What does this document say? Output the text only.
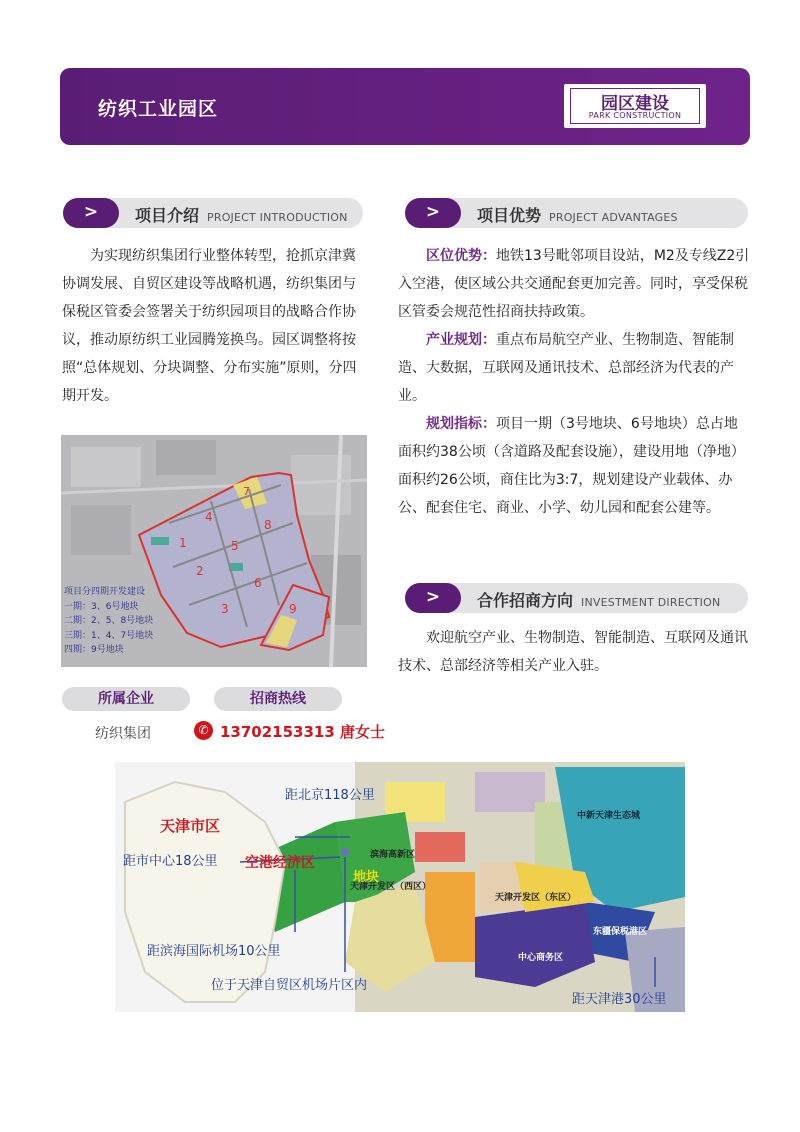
纺织工业园区	园区建设
PARK CONSTRUCTION
>	项目介绍 PROJECT INTRODUCTION
为实现纺织集团行业整体转型，抢抓京津冀协调发展、自贸区建设等战略机遇，纺织集团与保税区管委会签署关于纺织园项目的战略合作协议，推动原纺织工业园腾笼换鸟。园区调整将按照“总体规划、分块调整、分布实施”原则，分四期开发。
1
2
3
4
5
6
7
8
9
项目分四期开发建设
一期：3、6号地块
二期：2、5、8号地块
三期：1、4、7号地块
四期：9号地块
所属企业	招商热线
纺织集团	✆ 13702153313 唐女士
>	项目优势 PROJECT ADVANTAGES

区位优势：地铁13号毗邻项目设站，M2及专线Z2引入空港，使区域公共交通配套更加完善。同时，享受保税区管委会规范性招商扶持政策。

产业规划：重点布局航空产业、生物制造、智能制造、大数据，互联网及通讯技术、总部经济为代表的产业。

规划指标：项目一期（3号地块、6号地块）总占地面积约38公顷（含道路及配套设施），建设用地（净地）面积约26公顷，商住比为3:7，规划建设产业载体、办公、配套住宅、商业、小学、幼儿园和配套公建等。

>	合作招商方向 INVESTMENT DIRECTION
欢迎航空产业、生物制造、智能制造、互联网及通讯技术、总部经济等相关产业入驻。
天津市区
空港经济区
地块
距北京118公里
距市中心18公里
距滨海国际机场10公里
位于天津自贸区机场片区内
距天津港30公里
滨海高新区
天津开发区（西区）
天津开发区（东区）
中心商务区
东疆保税港区
中新天津生态城
